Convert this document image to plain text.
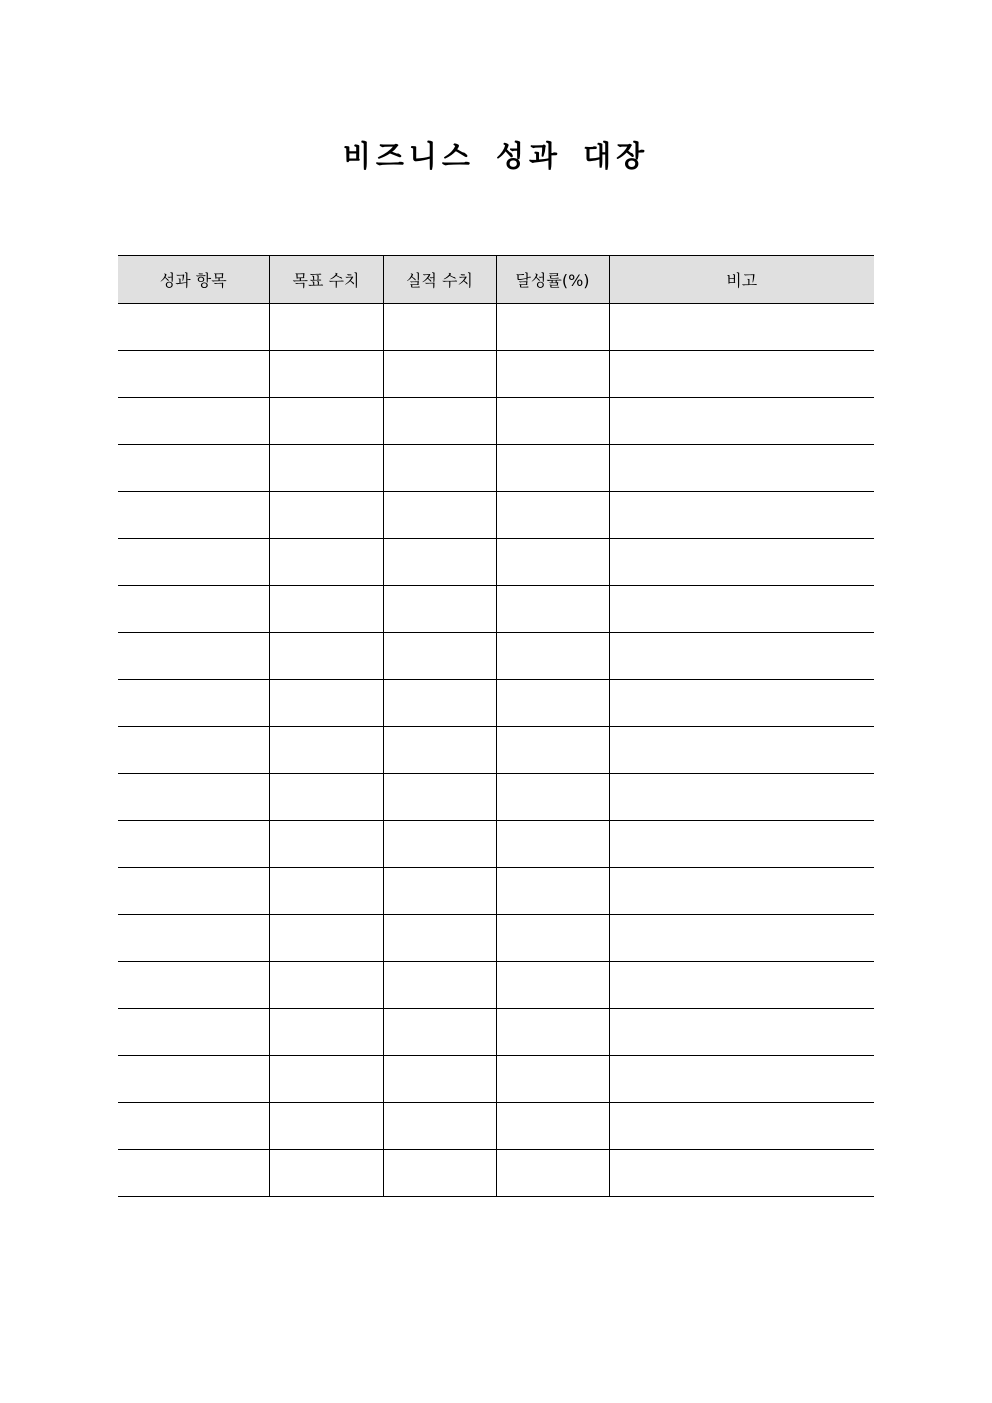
비즈니스 성과 대장
성과 항목	목표 수치	실적 수치	달성률(%)	비고
